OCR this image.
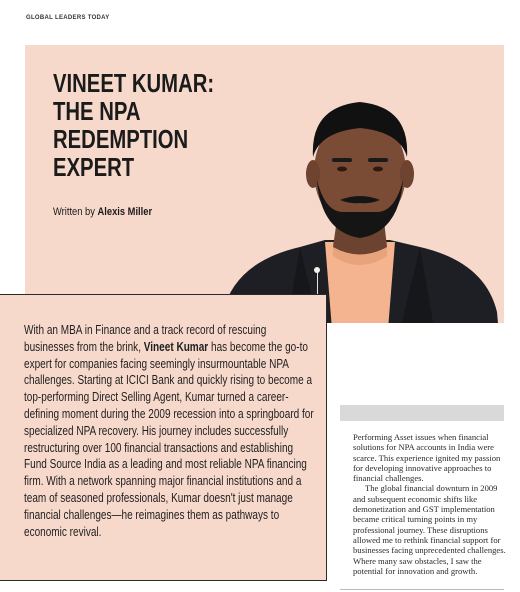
GLOBAL LEADERS TODAY
VINEET KUMAR:
THE NPA
REDEMPTION
EXPERT
Written by Alexis Miller

With an MBA in Finance and a track record of rescuing businesses from the brink, Vineet Kumar has become the go-to expert for companies facing seemingly insurmountable NPA challenges. Starting at ICICI Bank and quickly rising to become a top-performing Direct Selling Agent, Kumar turned a career-defining moment during the 2009 recession into a springboard for specialized NPA recovery. His journey includes successfully restructuring over 100 financial transactions and establishing Fund Source India as a leading and most reliable NPA financing firm. With a network spanning major financial institutions and a team of seasoned professionals, Kumar doesn't just manage financial challenges—he reimagines them as pathways to economic revival.

Performing Asset issues when financial solutions for NPA accounts in India were scarce. This experience ignited my passion for developing innovative approaches to financial challenges.

The global financial downturn in 2009 and subsequent economic shifts like demonetization and GST implementation became critical turning points in my professional journey. These disruptions allowed me to rethink financial support for businesses facing unprecedented challenges. Where many saw obstacles, I saw the potential for innovation and growth.
